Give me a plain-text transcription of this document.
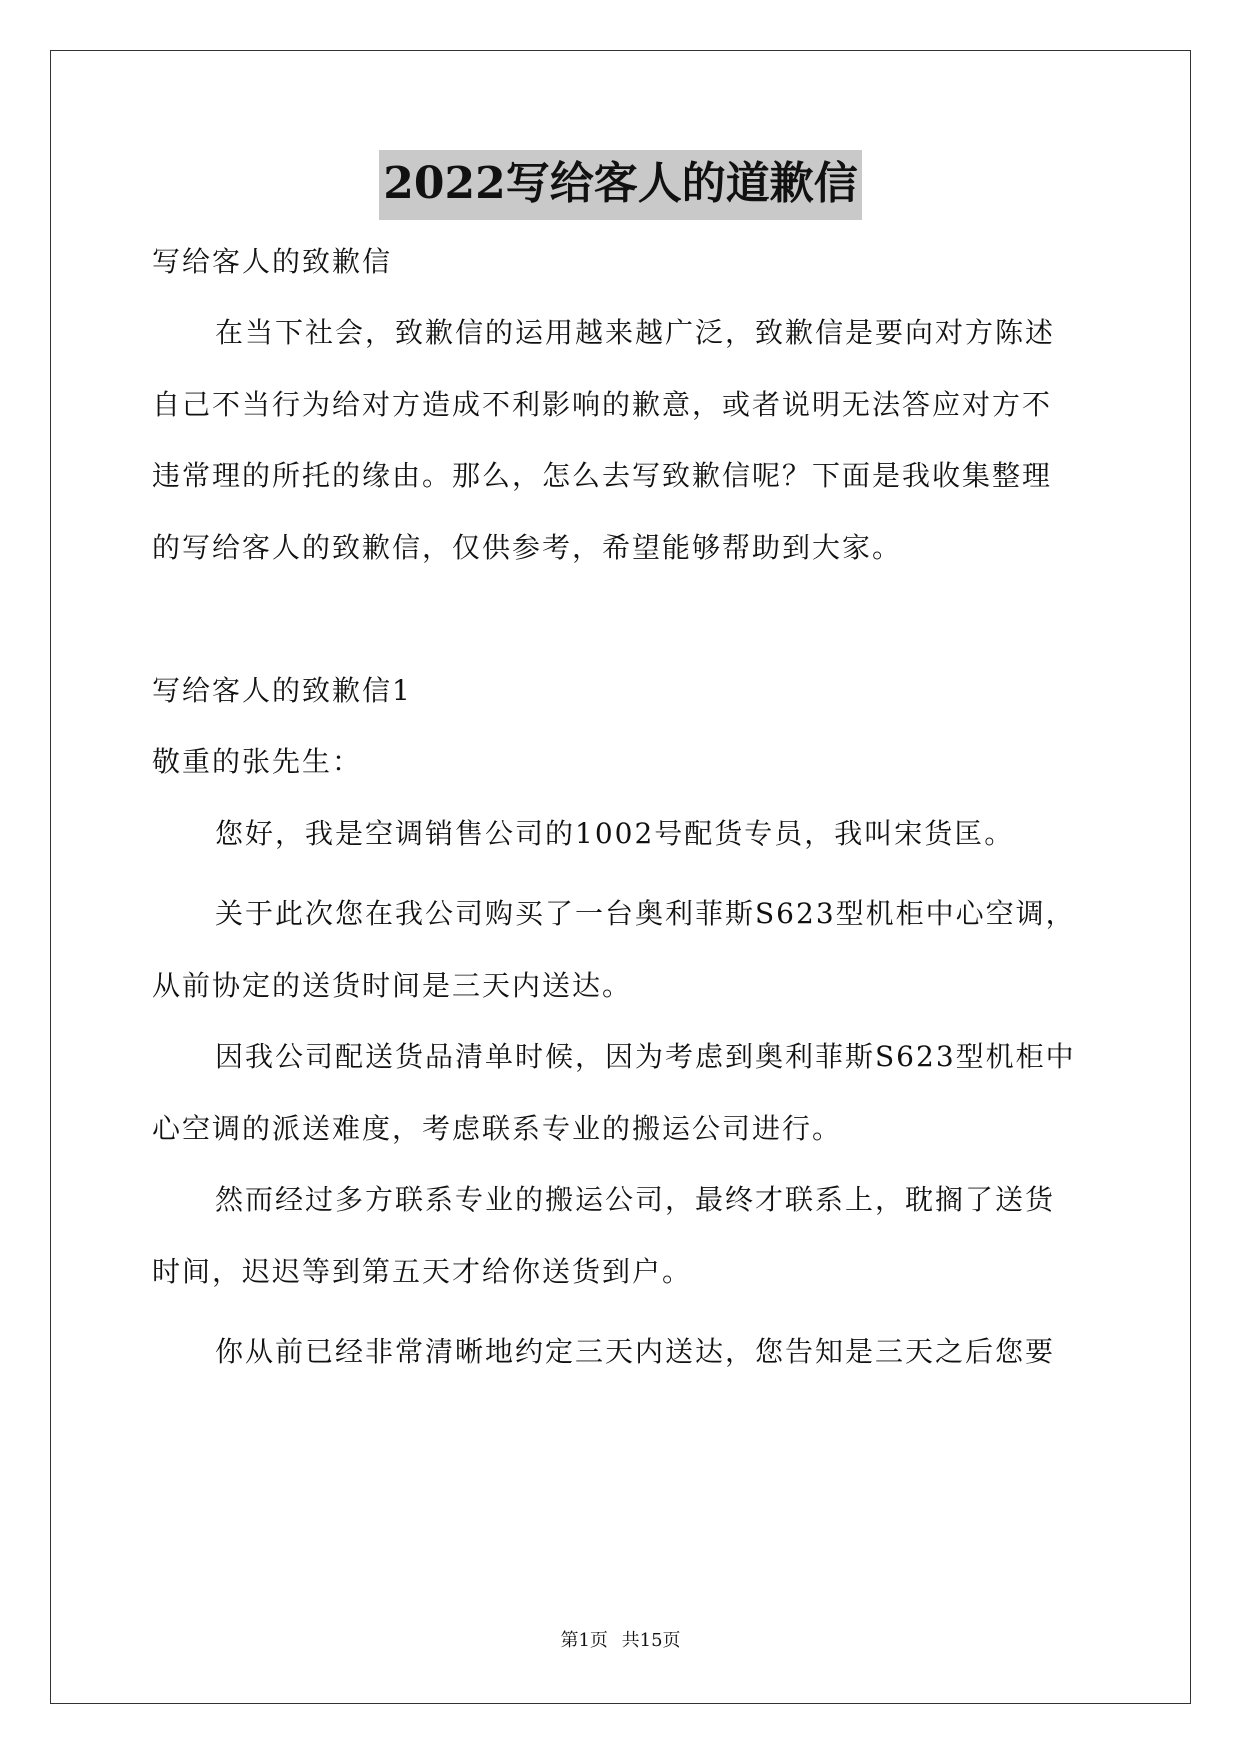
2022写给客人的道歉信
写给客人的致歉信
在当下社会，致歉信的运用越来越广泛，致歉信是要向对方陈述
自己不当行为给对方造成不利影响的歉意，或者说明无法答应对方不
违常理的所托的缘由。那么，怎么去写致歉信呢？下面是我收集整理
的写给客人的致歉信，仅供参考，希望能够帮助到大家。
写给客人的致歉信1
敬重的张先生：
您好，我是空调销售公司的1002号配货专员，我叫宋货匡。
关于此次您在我公司购买了一台奥利菲斯S623型机柜中心空调，
从前协定的送货时间是三天内送达。
因我公司配送货品清单时候，因为考虑到奥利菲斯S623型机柜中
心空调的派送难度，考虑联系专业的搬运公司进行。
然而经过多方联系专业的搬运公司，最终才联系上，耽搁了送货
时间，迟迟等到第五天才给你送货到户。
你从前已经非常清晰地约定三天内送达，您告知是三天之后您要
第1页 共15页
